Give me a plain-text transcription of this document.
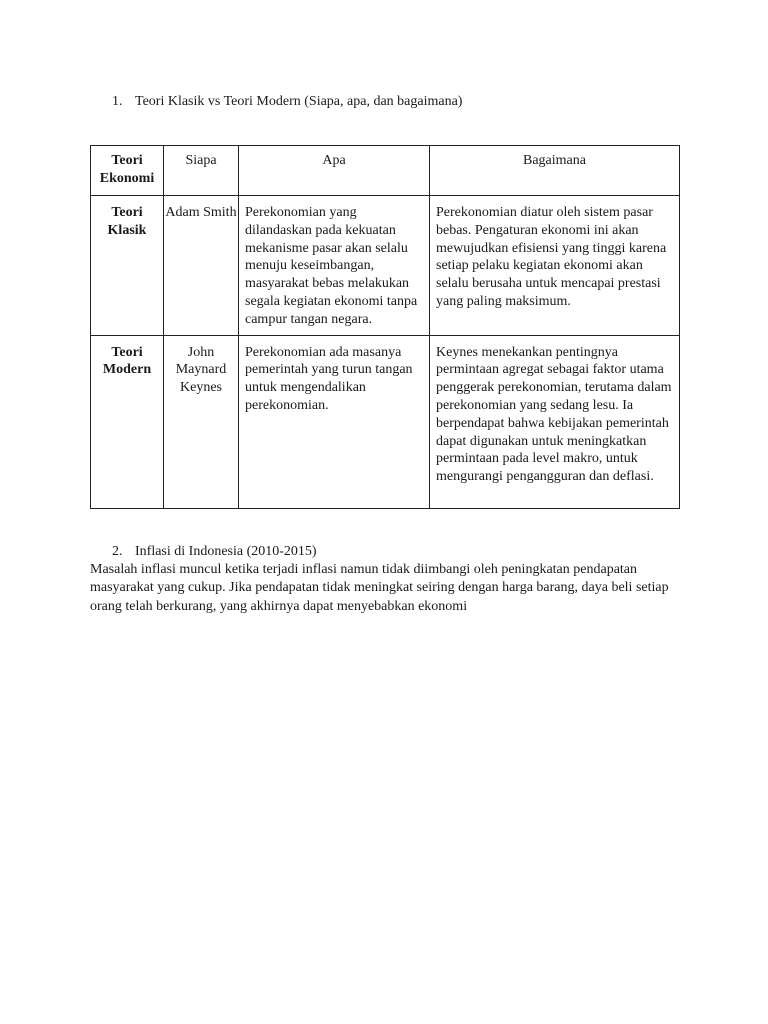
1. Teori Klasik vs Teori Modern (Siapa, apa, dan bagaimana)
Teori Ekonomi	Siapa	Apa	Bagaimana
Teori Klasik	Adam Smith	Perekonomian yang dilandaskan pada kekuatan mekanisme pasar akan selalu menuju keseimbangan, masyarakat bebas melakukan segala kegiatan ekonomi tanpa campur tangan negara.	Perekonomian diatur oleh sistem pasar bebas. Pengaturan ekonomi ini akan mewujudkan efisiensi yang tinggi karena setiap pelaku kegiatan ekonomi akan selalu berusaha untuk mencapai prestasi yang paling maksimum.
Teori Modern	John Maynard Keynes	Perekonomian ada masanya pemerintah yang turun tangan untuk mengendalikan perekonomian.	Keynes menekankan pentingnya permintaan agregat sebagai faktor utama penggerak perekonomian, terutama dalam perekonomian yang sedang lesu. Ia berpendapat bahwa kebijakan pemerintah dapat digunakan untuk meningkatkan permintaan pada level makro, untuk mengurangi pengangguran dan deflasi.
2. Inflasi di Indonesia (2010-2015)
Masalah inflasi muncul ketika terjadi inflasi namun tidak diimbangi oleh peningkatan pendapatan masyarakat yang cukup. Jika pendapatan tidak meningkat seiring dengan harga barang, daya beli setiap orang telah berkurang, yang akhirnya dapat menyebabkan ekonomi
